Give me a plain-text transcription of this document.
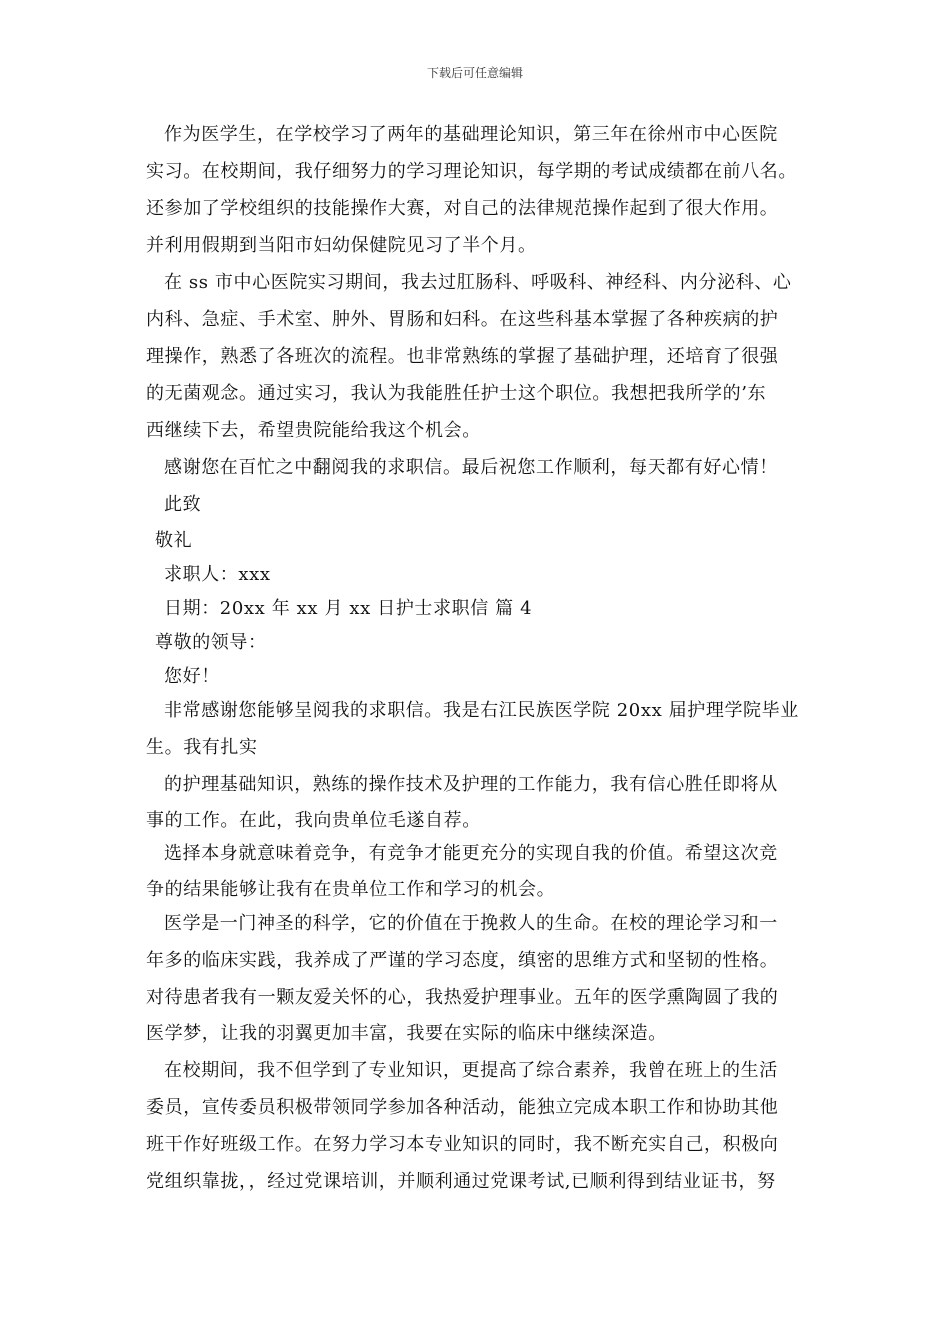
下载后可任意编辑
作为医学生，在学校学习了两年的基础理论知识，第三年在徐州市中心医院
实习。在校期间，我仔细努力的学习理论知识，每学期的考试成绩都在前八名。
还参加了学校组织的技能操作大赛，对自己的法律规范操作起到了很大作用。
并利用假期到当阳市妇幼保健院见习了半个月。
在 ss 市中心医院实习期间，我去过肛肠科、呼吸科、神经科、内分泌科、心
内科、急症、手术室、肿外、胃肠和妇科。在这些科基本掌握了各种疾病的护
理操作，熟悉了各班次的流程。也非常熟练的掌握了基础护理，还培育了很强
的无菌观念。通过实习，我认为我能胜任护士这个职位。我想把我所学的’东
西继续下去，希望贵院能给我这个机会。
感谢您在百忙之中翻阅我的求职信。最后祝您工作顺利，每天都有好心情！
此致
敬礼
求职人：xxx
日期：20xx 年 xx 月 xx 日护士求职信 篇 4
尊敬的领导：
您好！
非常感谢您能够呈阅我的求职信。我是右江民族医学院 20xx 届护理学院毕业
生。我有扎实
的护理基础知识，熟练的操作技术及护理的工作能力，我有信心胜任即将从
事的工作。在此，我向贵单位毛遂自荐。
选择本身就意味着竞争，有竞争才能更充分的实现自我的价值。希望这次竞
争的结果能够让我有在贵单位工作和学习的机会。
医学是一门神圣的科学，它的价值在于挽救人的生命。在校的理论学习和一
年多的临床实践，我养成了严谨的学习态度，缜密的思维方式和坚韧的性格。
对待患者我有一颗友爱关怀的心，我热爱护理事业。五年的医学熏陶圆了我的
医学梦，让我的羽翼更加丰富，我要在实际的临床中继续深造。
在校期间，我不但学到了专业知识，更提高了综合素养，我曾在班上的生活
委员，宣传委员积极带领同学参加各种活动，能独立完成本职工作和协助其他
班干作好班级工作。在努力学习本专业知识的同时，我不断充实自己，积极向
党组织靠拢，，经过党课培训，并顺利通过党课考试,已顺利得到结业证书，努
